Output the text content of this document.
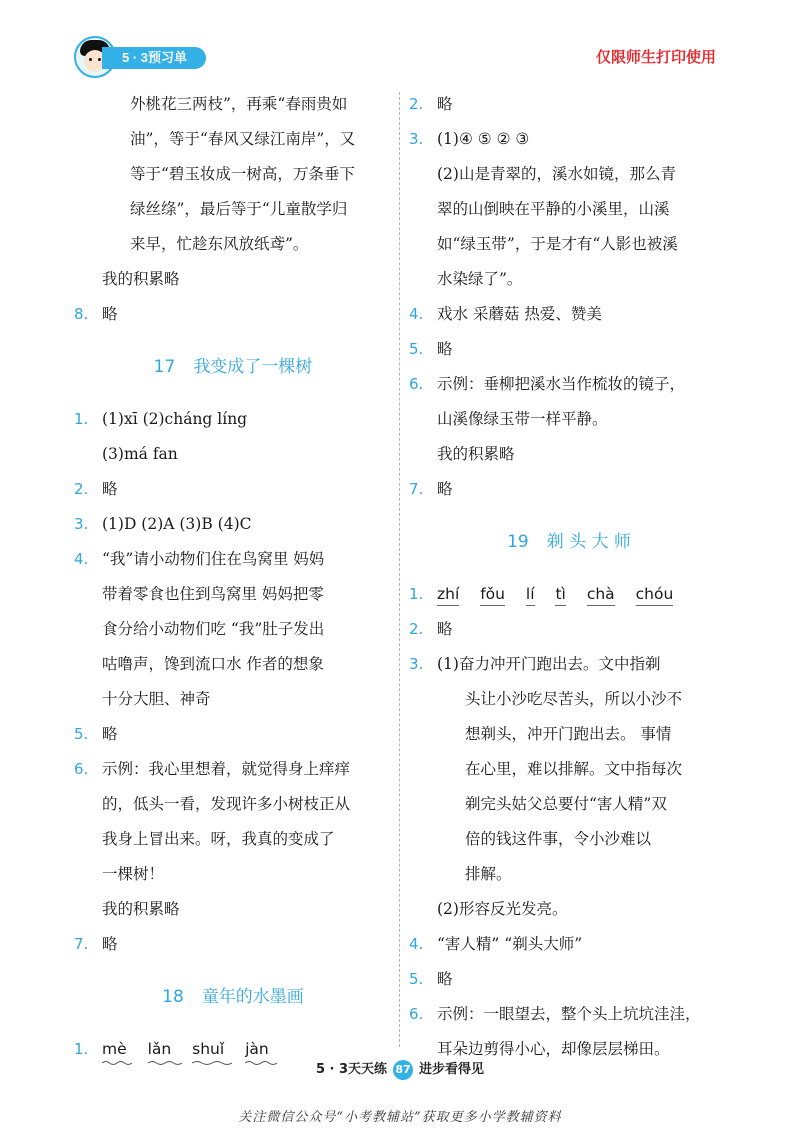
5 · 3预习单	仅限师生打印使用
外桃花三两枝”，再乘“春雨贵如
油”，等于“春风又绿江南岸”，又
等于“碧玉妆成一树高，万条垂下
绿丝绦”，最后等于“儿童散学归
来早，忙趁东风放纸鸢”。
我的积累略
8. 略
17 我变成了一棵树
1. (1)xī (2)cháng líng
(3)má fan
2. 略
3. (1)D (2)A (3)B (4)C
4. “我”请小动物们住在鸟窝里 妈妈
带着零食也住到鸟窝里 妈妈把零
食分给小动物们吃 “我”肚子发出
咕噜声，馋到流口水 作者的想象
十分大胆、神奇
5. 略
6. 示例：我心里想着，就觉得身上痒痒
的，低头一看，发现许多小树枝正从
我身上冒出来。呀，我真的变成了
一棵树！
我的积累略
7. 略
18 童年的水墨画
1. mè lǎn shuǐ jàn
2. 略
3. (1)④ ⑤ ② ③
(2)山是青翠的，溪水如镜，那么青
翠的山倒映在平静的小溪里，山溪
如“绿玉带”，于是才有“人影也被溪
水染绿了”。
4. 戏水 采蘑菇 热爱、赞美
5. 略
6. 示例：垂柳把溪水当作梳妆的镜子，
山溪像绿玉带一样平静。
我的积累略
7. 略
19 剃 头 大 师
1. zhí fǒu lí tì chà chóu
2. 略
3. (1)奋力冲开门跑出去。文中指剃
头让小沙吃尽苦头，所以小沙不
想剃头，冲开门跑出去。 事情
在心里，难以排解。文中指每次
剃完头姑父总要付“害人精”双
倍的钱这件事，令小沙难以
排解。
(2)形容反光发亮。
4. “害人精” “剃头大师”
5. 略
6. 示例：一眼望去，整个头上坑坑洼洼，
耳朵边剪得小心，却像层层梯田。
5 · 3天天练 87 进步看得见
关注微信公众号“小考教辅站”获取更多小学教辅资料
